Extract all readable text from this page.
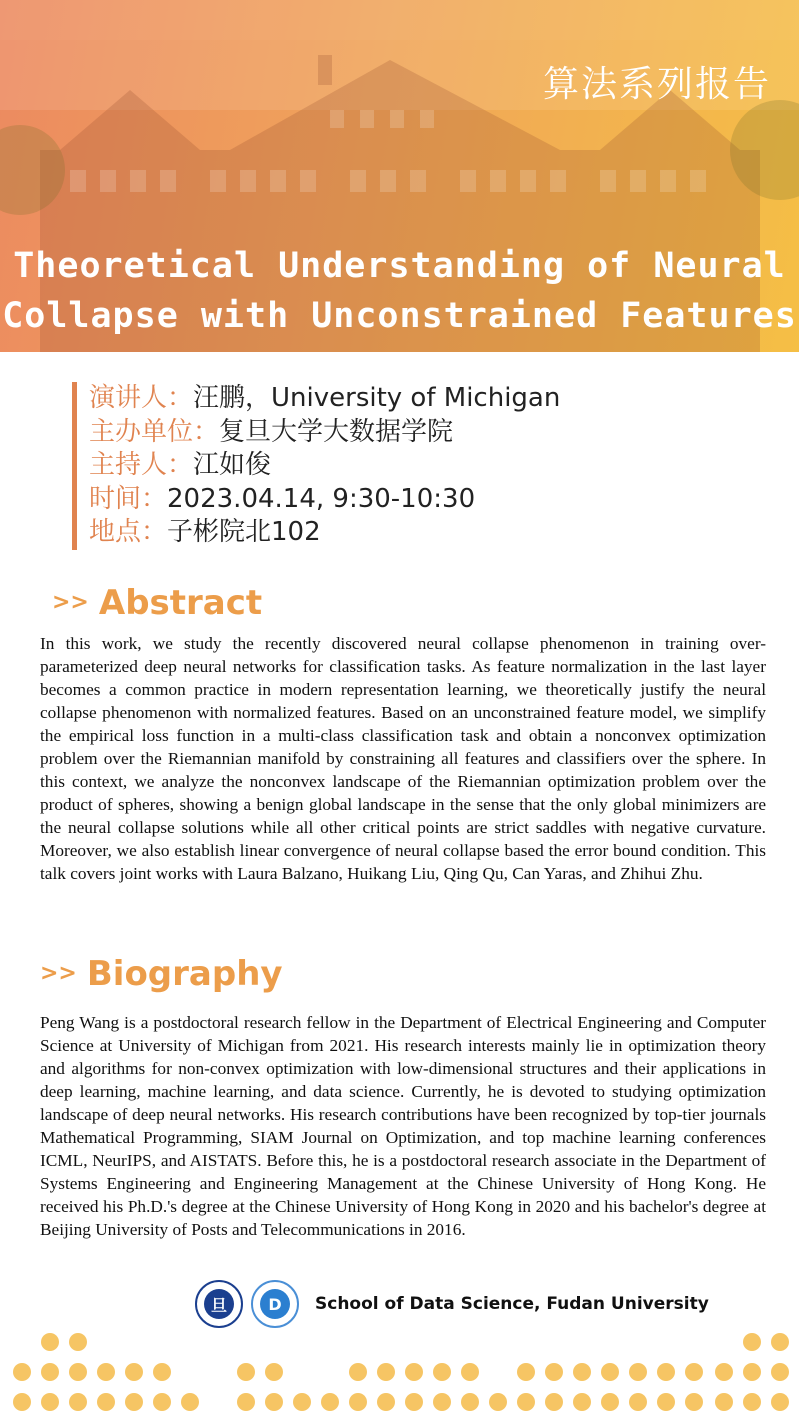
算法系列报告
Theoretical Understanding of Neural
Collapse with Unconstrained Features
演讲人：汪鹏，University of Michigan
主办单位：复旦大学大数据学院
主持人：江如俊
时间：2023.04.14, 9:30-10:30
地点：子彬院北102
>> Abstract
In this work, we study the recently discovered neural collapse phenomenon in training over-parameterized deep neural networks for classification tasks. As feature normalization in the last layer becomes a common practice in modern representation learning, we theoretically justify the neural collapse phenomenon with normalized features. Based on an unconstrained feature model, we simplify the empirical loss function in a multi-class classification task and obtain a nonconvex optimization problem over the Riemannian manifold by constraining all features and classifiers over the sphere. In this context, we analyze the nonconvex landscape of the Riemannian optimization problem over the product of spheres, showing a benign global landscape in the sense that the only global minimizers are the neural collapse solutions while all other critical points are strict saddles with negative curvature. Moreover, we also establish linear convergence of neural collapse based the error bound condition. This talk covers joint works with Laura Balzano, Huikang Liu, Qing Qu, Can Yaras, and Zhihui Zhu.
>> Biography
Peng Wang is a postdoctoral research fellow in the Department of Electrical Engineering and Computer Science at University of Michigan from 2021. His research interests mainly lie in optimization theory and algorithms for non-convex optimization with low-dimensional structures and their applications in deep learning, machine learning, and data science. Currently, he is devoted to studying optimization landscape of deep neural networks. His research contributions have been recognized by top-tier journals Mathematical Programming, SIAM Journal on Optimization, and top machine learning conferences ICML, NeurIPS, and AISTATS. Before this, he is a postdoctoral research associate in the Department of Systems Engineering and Engineering Management at the Chinese University of Hong Kong. He received his Ph.D.'s degree at the Chinese University of Hong Kong in 2020 and his bachelor's degree at Beijing University of Posts and Telecommunications in 2016.
旦	D	School of Data Science, Fudan University
